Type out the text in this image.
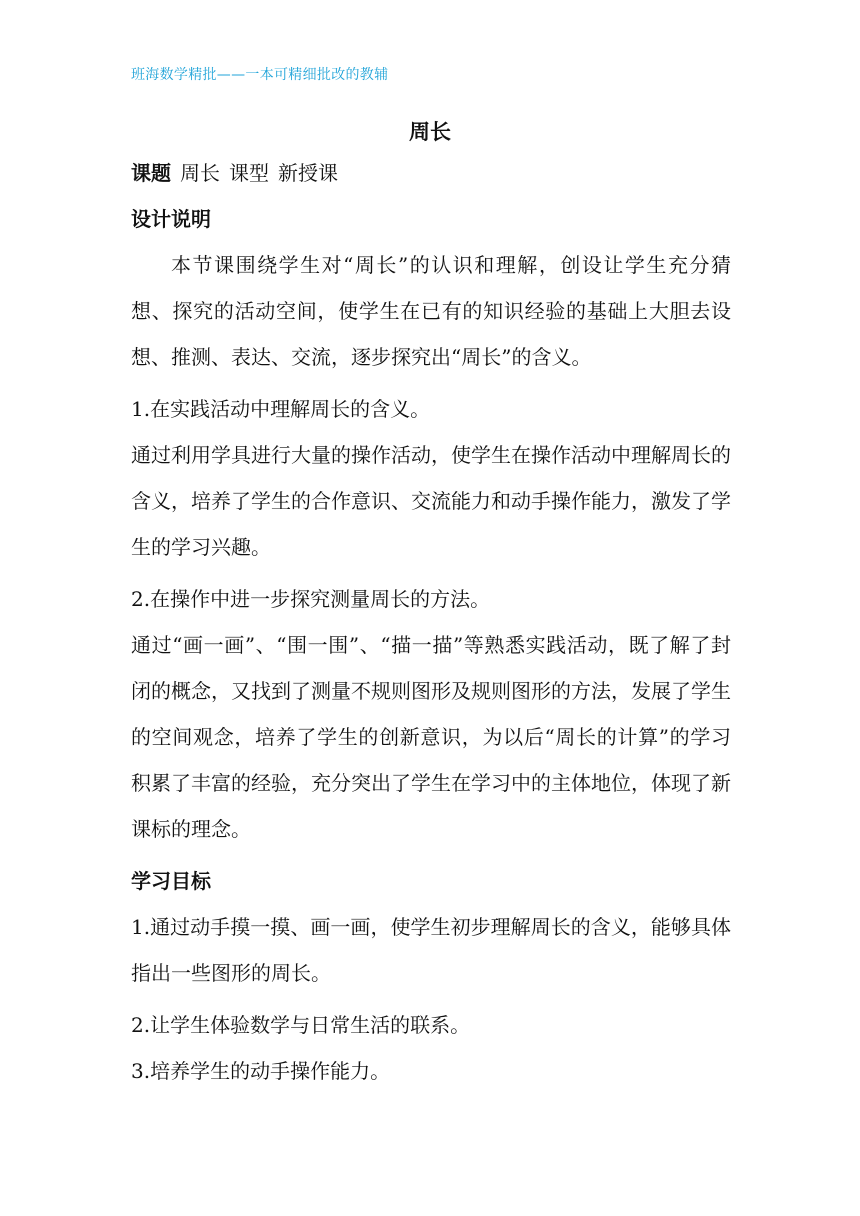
班海数学精批——一本可精细批改的教辅
周长
课题 周长 课型 新授课
设计说明
本节课围绕学生对“周长”的认识和理解，创设让学生充分猜想、探究的活动空间，使学生在已有的知识经验的基础上大胆去设想、推测、表达、交流，逐步探究出“周长”的含义。
1.在实践活动中理解周长的含义。
通过利用学具进行大量的操作活动，使学生在操作活动中理解周长的含义，培养了学生的合作意识、交流能力和动手操作能力，激发了学生的学习兴趣。
2.在操作中进一步探究测量周长的方法。
通过“画一画”、“围一围”、“描一描”等熟悉实践活动，既了解了封闭的概念，又找到了测量不规则图形及规则图形的方法，发展了学生的空间观念，培养了学生的创新意识，为以后“周长的计算”的学习积累了丰富的经验，充分突出了学生在学习中的主体地位，体现了新课标的理念。
学习目标
1.通过动手摸一摸、画一画，使学生初步理解周长的含义，能够具体指出一些图形的周长。
2.让学生体验数学与日常生活的联系。
3.培养学生的动手操作能力。
